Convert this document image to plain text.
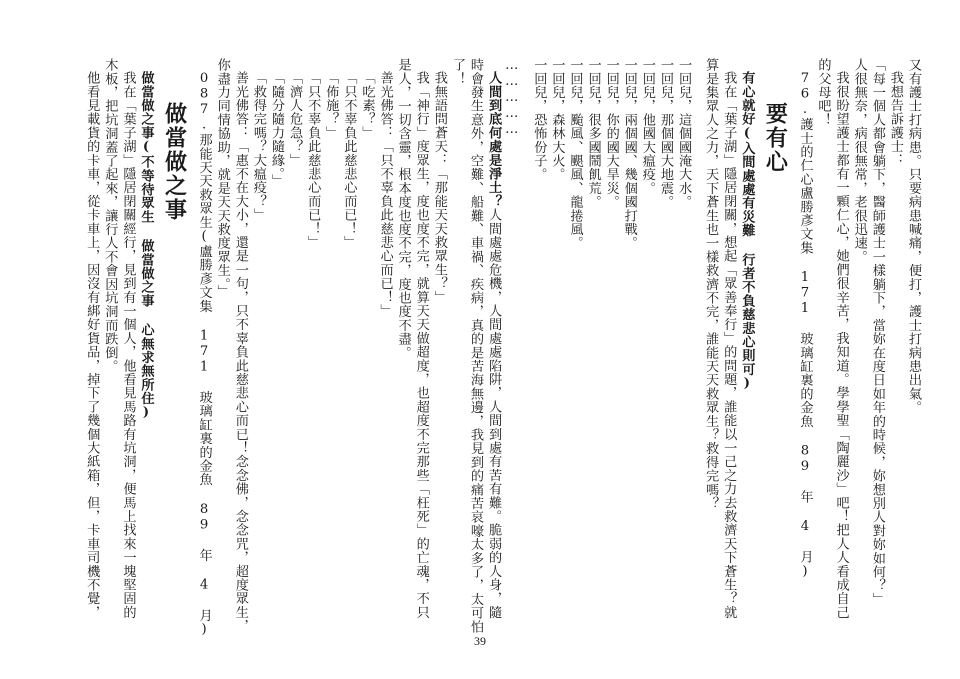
又有護士打病患。只要病患喊痛，便打，護士打病患出氣。
我想告訴護士：
「每一個人都會躺下，醫師護士一樣躺下，當妳在度日如年的時候，妳想別人對妳如何？」
人很無奈，病很無常，老很迅速。
我很盼望護士都有一顆仁心，她們很辛苦，我知道。學學聖「陶麗沙」吧！把人人看成自己
的父母吧！
76.護士的仁心盧勝彥文集 171 玻璃缸裏的金魚 89 年 4 月)
要有心
有心就好(入間處處有災難 行者不負慈悲心則可)
我在「葉子湖」隱居閉關，想起「眾善奉行」的問題，誰能以一己之力去救濟天下蒼生？就
算是集眾人之力，天下蒼生也一樣救濟不完，誰能天天救眾生？救得完嗎？
一回兒，這個國淹大水。
一回兒，那個國大地震。
一回兒，他國大瘟疫。
一回兒，兩個國、幾個國打戰。
一回兒，你的國大旱災。
一回兒，很多國鬧飢荒。
一回兒，颱風、颶風、龍捲風。
一回兒，森林大火。
一回兒，恐怖份子。
……………
人間到底何處是淨土？人間處處危機，人間處處陷阱，人間到處有苦有難。脆弱的人身，隨
時會發生意外，空難、船難、車禍、疾病，真的是苦海無邊，我見到的痛苦哀嚎太多了，太可怕
了！
我無語問蒼天：「那能天天救眾生？」
我「神行」度眾生，度也度不完，就算天天做超度，也超度不完那些「枉死」的亡魂，不只
是人，一切含靈，根本度也度不完，度也度不盡。
善光佛答：「只不辜負此慈悲心而已！」
「吃素？」
「只不辜負此慈悲心而已！」
「佈施？」
「只不辜負此慈悲心而已！」
「濟人危急？」
「隨分隨力隨緣。」
「救得完嗎？大瘟疫？」
善光佛答：「惠不在大小，還是一句，只不辜負此慈悲心而已！念念佛，念念咒，超度眾生，
你盡力同情協助，就是天天救度眾生。」
087.那能天天救眾生(盧勝彥文集 171 玻璃缸裏的金魚 89 年 4 月)
做當做之事
做當做之事(不等待眾生 做當做之事 心無求無所住)
我在「葉子湖」隱居閉關經行，見到有一個人，他看見馬路有坑洞，便馬上找來一塊堅固的
木板，把坑洞蓋了起來，讓行人不會因坑洞而跌倒。
他看見載貨的卡車，從卡車上，因沒有綁好貨品，掉下了幾個大紙箱，但，卡車司機不覺，
39
